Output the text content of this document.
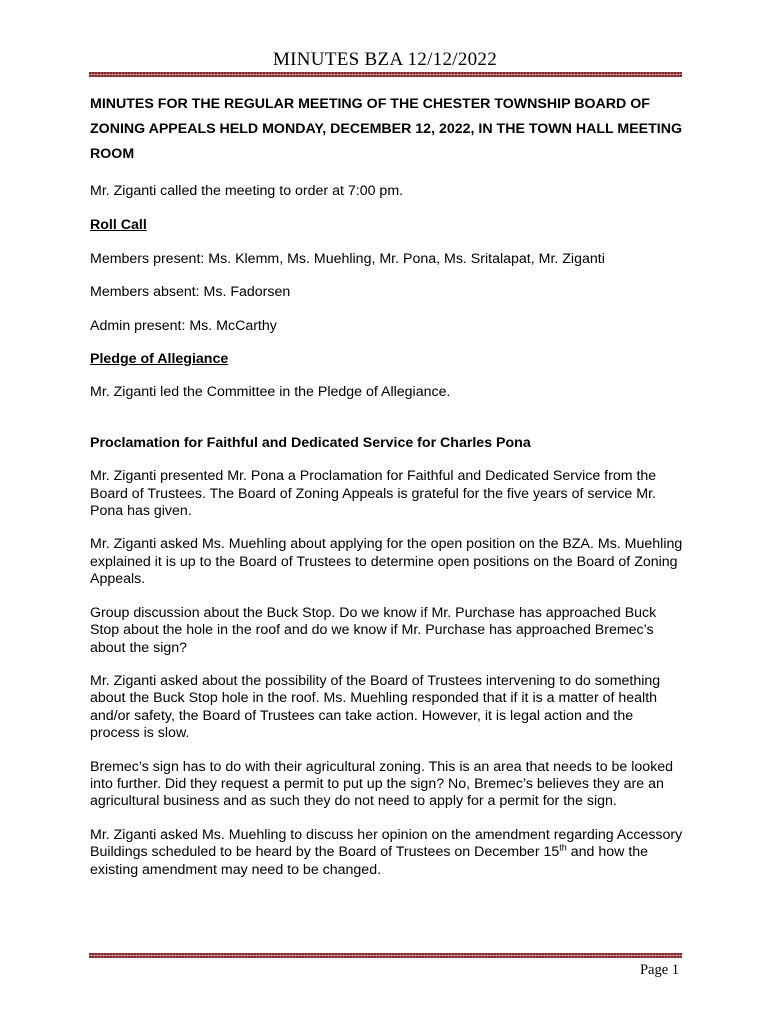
MINUTES BZA 12/12/2022

MINUTES FOR THE REGULAR MEETING OF THE CHESTER TOWNSHIP BOARD OF ZONING APPEALS HELD MONDAY, DECEMBER 12, 2022, IN THE TOWN HALL MEETING ROOM

Mr. Ziganti called the meeting to order at 7:00 pm.

Roll Call

Members present: Ms. Klemm, Ms. Muehling, Mr. Pona, Ms. Sritalapat, Mr. Ziganti

Members absent: Ms. Fadorsen

Admin present: Ms. McCarthy

Pledge of Allegiance

Mr. Ziganti led the Committee in the Pledge of Allegiance.

Proclamation for Faithful and Dedicated Service for Charles Pona

Mr. Ziganti presented Mr. Pona a Proclamation for Faithful and Dedicated Service from the Board of Trustees. The Board of Zoning Appeals is grateful for the five years of service Mr. Pona has given.

Mr. Ziganti asked Ms. Muehling about applying for the open position on the BZA. Ms. Muehling explained it is up to the Board of Trustees to determine open positions on the Board of Zoning Appeals.

Group discussion about the Buck Stop. Do we know if Mr. Purchase has approached Buck Stop about the hole in the roof and do we know if Mr. Purchase has approached Bremec’s about the sign?

Mr. Ziganti asked about the possibility of the Board of Trustees intervening to do something about the Buck Stop hole in the roof. Ms. Muehling responded that if it is a matter of health and/or safety, the Board of Trustees can take action. However, it is legal action and the process is slow.

Bremec’s sign has to do with their agricultural zoning. This is an area that needs to be looked into further. Did they request a permit to put up the sign? No, Bremec’s believes they are an agricultural business and as such they do not need to apply for a permit for the sign.

Mr. Ziganti asked Ms. Muehling to discuss her opinion on the amendment regarding Accessory Buildings scheduled to be heard by the Board of Trustees on December 15th and how the existing amendment may need to be changed.

Page 1
